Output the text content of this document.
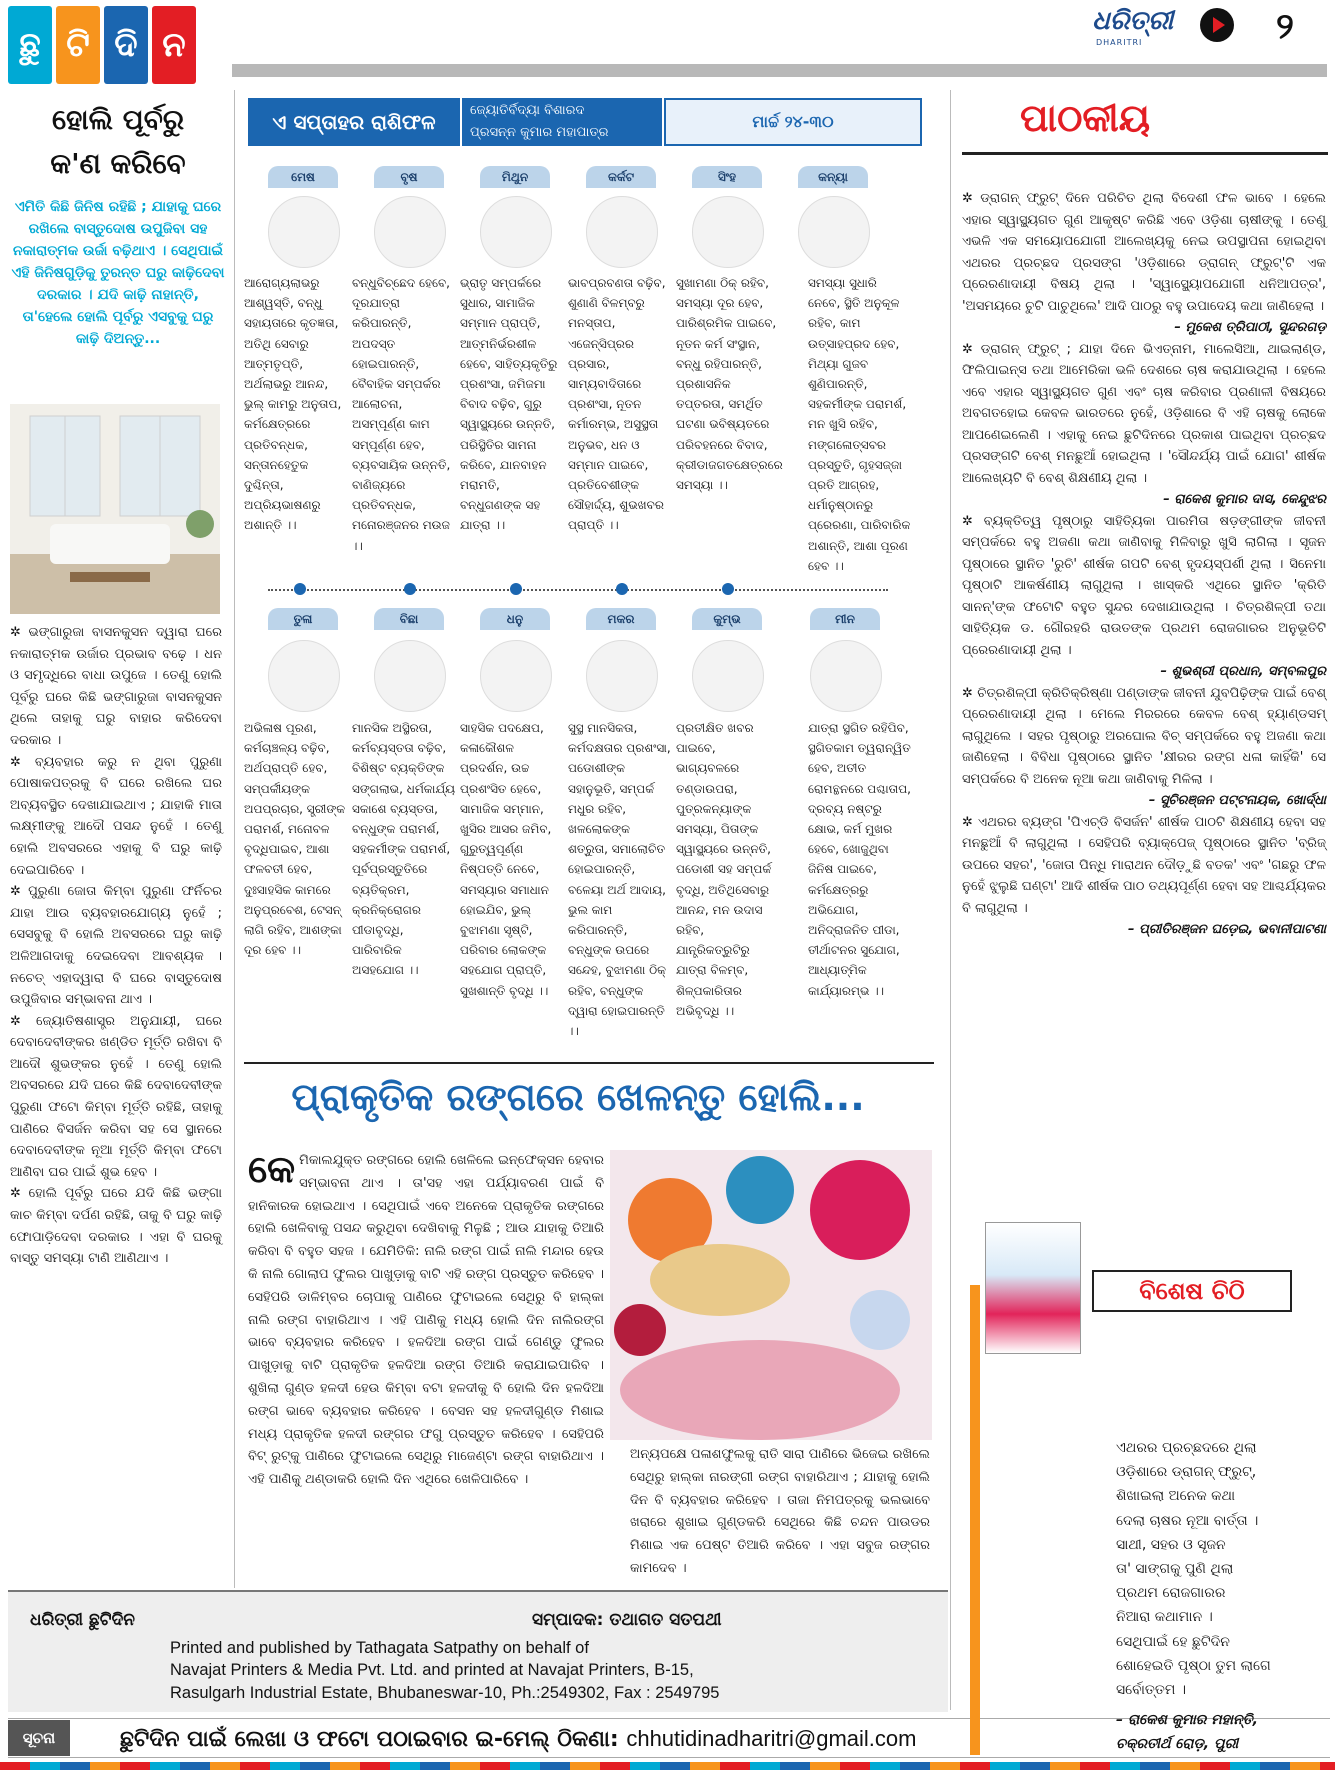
ଛୁ ଟି ଦି ନ
ଧରିତ୍ରୀ
DHARITRI	୨
ହୋଲି ପୂର୍ବରୁ
କ'ଣ କରିବେ
ଏମିତି କିଛି ଜିନିଷ ରହିଛି ; ଯାହାକୁ ଘରେ ରଖିଲେ ବାସ୍ତୁଦୋଷ ଉପୁଜିବା ସହ ନକାରାତ୍ମକ ଉର୍ଜା ବଢ଼ିଥାଏ । ସେଥିପାଇଁ ଏହି ଜିନିଷଗୁଡ଼ିକୁ ତୁରନ୍ତ ଘରୁ କାଢ଼ିଦେବା ଦରକାର । ଯଦି କାଢ଼ି ନାହାନ୍ତି, ତା'ହେଲେ ହୋଲି ପୂର୍ବରୁ ଏସବୁକୁ ଘରୁ କାଢ଼ି ଦିଅନ୍ତୁ...

✲ ଭଙ୍ଗାରୁଜା ବାସନକୁସନ ଦ୍ୱାରା ଘରେ ନକାରାତ୍ମକ ଉର୍ଜାର ପ୍ରଭାବ ବଢ଼େ । ଧନ ଓ ସମୃଦ୍ଧିରେ ବାଧା ଉପୁଜେ । ତେଣୁ ହୋଲି ପୂର୍ବରୁ ଘରେ କିଛି ଭଙ୍ଗାରୁଜା ବାସନକୁସନ ଥିଲେ ତାହାକୁ ଘରୁ ବାହାର କରିଦେବା ଦରକାର ।

✲ ବ୍ୟବହାର କରୁ ନ ଥିବା ପୁରୁଣା ପୋଷାକପତ୍ରକୁ ବି ଘରେ ରଖିଲେ ଘର ଅବ୍ୟବସ୍ଥିତ ଦେଖାଯାଇଥାଏ ; ଯାହାକି ମାତା ଲକ୍ଷ୍ମୀଙ୍କୁ ଆଦୌ ପସନ୍ଦ ନୁହେଁ । ତେଣୁ ହୋଲି ଅବସରରେ ଏହାକୁ ବି ଘରୁ କାଢ଼ି ଦେଇପାରିବେ ।

✲ ପୁରୁଣା ଜୋତା କିମ୍ବା ପୁରୁଣା ଫର୍ନିଚର ଯାହା ଆଉ ବ୍ୟବହାରଯୋଗ୍ୟ ନୁହେଁ ; ସେସବୁକୁ ବି ହୋଲି ଅବସରରେ ଘରୁ କାଢ଼ି ଅଳିଆଗଦାକୁ ଦେଇଦେବା ଆବଶ୍ୟକ । ନଚେତ୍ ଏହାଦ୍ୱାରା ବି ଘରେ ବାସ୍ତୁଦୋଷ ଉପୁଜିବାର ସମ୍ଭାବନା ଥାଏ ।

✲ ଜ୍ୟୋତିଷଶାସ୍ତ୍ର ଅନୁଯାୟୀ, ଘରେ ଦେବାଦେବୀଙ୍କର ଖଣ୍ଡିତ ମୂର୍ତ୍ତି ରଖିବା ବି ଆଦୌ ଶୁଭଙ୍କର ନୁହେଁ । ତେଣୁ ହୋଲି ଅବସରରେ ଯଦି ଘରେ କିଛି ଦେବାଦେବୀଙ୍କ ପୁରୁଣା ଫଟୋ କିମ୍ବା ମୂର୍ତ୍ତି ରହିଛି, ତାହାକୁ ପାଣିରେ ବିସର୍ଜନ କରିବା ସହ ସେ ସ୍ଥାନରେ ଦେବାଦେବୀଙ୍କ ନୂଆ ମୂର୍ତ୍ତି କିମ୍ବା ଫଟୋ ଆଣିବା ଘର ପାଇଁ ଶୁଭ ହେବ ।

✲ ହୋଲି ପୂର୍ବରୁ ଘରେ ଯଦି କିଛି ଭଙ୍ଗା କାଚ କିମ୍ବା ଦର୍ପଣ ରହିଛି, ତାକୁ ବି ଘରୁ କାଢ଼ି ଫୋପାଡ଼ିଦେବା ଦରକାର । ଏହା ବି ଘରକୁ ବାସ୍ତୁ ସମସ୍ୟା ଟାଣି ଆଣିଥାଏ ।

ଏ ସପ୍ତାହର ରାଶିଫଳ	ଜ୍ୟୋତିର୍ବିଦ୍ୟା ବିଶାରଦ
ପ୍ରସନ୍ନ କୁମାର ମହାପାତ୍ର
ମାର୍ଚ୍ଚ ୨୪-୩୦
ମେଷ	ବୃଷ	ମିଥୁନ	କର୍କଟ	ସିଂହ	କନ୍ୟା
ଆରୋଗ୍ୟଲାଭରୁ ଆଶ୍ୱସ୍ତି, ବନ୍ଧୁ ସହାୟତାରେ କୃତଜ୍ଞତା, ଅତିଥି ସେବାରୁ ଆତ୍ମତୃପ୍ତି, ଅର୍ଥଲାଭରୁ ଆନନ୍ଦ, ଭୁଲ୍ କାମରୁ ଅନୁତାପ, କର୍ମକ୍ଷେତ୍ରରେ ପ୍ରତିବନ୍ଧକ, ସନ୍ତାନହେତୁକ ଦୁଶ୍ଚିନ୍ତା, ଅପ୍ରିୟଭାଷଣରୁ ଅଶାନ୍ତି ।।
ବନ୍ଧୁବିଚ୍ଛେଦ ହେବେ, ଦୂରଯାତ୍ରା କରିପାରନ୍ତି, ଅପଦସ୍ତ ହୋଇପାରନ୍ତି, ବୈବାହିକ ସମ୍ପର୍କର ଆଲୋଚନା, ଅସମ୍ପୂର୍ଣ୍ଣ କାମ ସମ୍ପୂର୍ଣ୍ଣ ହେବ, ବ୍ୟବସାୟିକ ଉନ୍ନତି, ବାଣିଜ୍ୟରେ ପ୍ରତିବନ୍ଧକ, ମନୋରଞ୍ଜନର ମଉଜ ।।
ଭ୍ରାତୃ ସମ୍ପର୍କରେ ସୁଧାର, ସାମାଜିକ ସମ୍ମାନ ପ୍ରାପ୍ତି, ଆତ୍ମନିର୍ଭରଶୀଳ ହେବେ, ସାହିତ୍ୟକୃତିରୁ ପ୍ରଶଂସା, ଜମିଜମା ବିବାଦ ବଢ଼ିବ, ଗୁରୁ ସ୍ୱାସ୍ଥ୍ୟରେ ଉନ୍ନତି, ପରିସ୍ଥିତିର ସାମନା କରିବେ, ଯାନବାହନ ମରାମତି, ବନ୍ଧୁଗଣଙ୍କ ସହ ଯାତ୍ରା ।।
ଭାବପ୍ରବଣତା ବଢ଼ିବ, ଶୁଣାଣି ବିଳମ୍ବରୁ ମନସ୍ତାପ, ଏଜେନ୍ସିପ୍ରର ପ୍ରସାର, ସାମ୍ୟବାଦିତାରେ ପ୍ରଶଂସା, ନୂତନ କର୍ମାରମ୍ଭ, ଅସୁସ୍ଥତା ଅନୁଭବ, ଧନ ଓ ସମ୍ମାନ ପାଇବେ, ପ୍ରତିବେଶୀଙ୍କ ସୌହାର୍ଦ୍ଦ୍ୟ, ଶୁଭଖବର ପ୍ରାପ୍ତି ।।
ସୁଖାମଣା ଠିକ୍ ରହିବ, ସମସ୍ୟା ଦୂର ହେବ, ପାରିଶ୍ରମିକ ପାଇବେ, ନୂତନ କର୍ମ ସଂସ୍ଥାନ, ବନ୍ଧୁ ରହିପାରନ୍ତି, ପ୍ରଶାସନିକ ତପ୍ତରତା, ସମର୍ଥିତ ଘଟଣା ଭବିଷ୍ୟତରେ ପରିବହନରେ ବିବାଦ, କ୍ରୀଡାଜଗତକ୍ଷେତ୍ରରେ ସମସ୍ୟା ।।
ସମସ୍ୟା ସୁଧାରି ନେବେ, ସ୍ଥିତି ଅନୁକୂଳ ରହିବ, କାମ ଉତ୍ସାହପ୍ରଦ ହେବ, ମିଥ୍ୟା ଗୁଜବ ଶୁଣିପାରନ୍ତି, ସହକର୍ମୀଙ୍କ ପରାମର୍ଶ, ମନ ଖୁସି ରହିବ, ମଙ୍ଗଳୋତ୍ସବର ପ୍ରସ୍ତୁତି, ଗୃହସଜ୍ଜା ପ୍ରତି ଆଗ୍ରହ, ଧର୍ମାନୁଷ୍ଠାନରୁ ପ୍ରେରଣା, ପାରିବାରିକ ଅଶାନ୍ତି, ଆଶା ପୂରଣ ହେବ ।।
ତୁଳା	ବିଛା	ଧନୁ	ମକର	କୁମ୍ଭ	ମୀନ
ଅଭିଳାଷ ପୂରଣ, କର୍ମଚାଞ୍ଚଳ୍ୟ ବଢ଼ିବ, ଅର୍ଥପ୍ରାପ୍ତି ହେବ, ସମ୍ପର୍କୀୟଙ୍କ ଅପପ୍ରଚାର, ସ୍ତ୍ରୀଙ୍କ ପରାମର୍ଶ, ମନୋବଳ ବୃଦ୍ଧିପାଇବ, ଆଶା ଫଳବତୀ ହେବ, ଦୁଃସାହସିକ କାମରେ ଅନୁପ୍ରବେଶ, ଟେସନ୍ ଲାଗି ରହିବ, ଆଶଙ୍କା ଦୂର ହେବ ।।
ମାନସିକ ଅସ୍ଥିରତା, କର୍ମବ୍ୟସ୍ତତା ବଢ଼ିବ, ବିଶିଷ୍ଟ ବ୍ୟକ୍ତିଙ୍କ ସଙ୍ଗଲାଭ, ଧର୍ମକାର୍ଯ୍ୟ ସକାଶେ ବ୍ୟସ୍ତତା, ବନ୍ଧୁଙ୍କ ପରାମର୍ଶ, ସହକର୍ମୀଙ୍କ ପରାମର୍ଶ, ପୂର୍ବପ୍ରସ୍ତୁତିରେ ବ୍ୟତିକ୍ରମ, କ୍ରନିକ୍‌ରୋଗର ପୀଡାବୃଦ୍ଧି, ପାରିବାରିକ ଅସହଯୋଗ ।।
ସାହସିକ ପଦକ୍ଷେପ, କଳାକୌଶଳ ପ୍ରଦର୍ଶନ, ଉଚ୍ଚ ପ୍ରଶଂସିତ ହେବେ, ସାମାଜିକ ସମ୍ମାନ, ଖୁସିର ଆସର ଜମିବ, ଗୁରୁତ୍ୱପୂର୍ଣ୍ଣ ନିଷ୍ପତ୍ତି ନେବେ, ସମସ୍ୟାର ସମାଧାନ ହୋଇଯିବ, ଭୁଲ୍ ବୁଝାମଣା ସୃଷ୍ଟି, ପରିବାର ଲୋକଙ୍କ ସହଯୋଗ ପ୍ରାପ୍ତି, ସୁଖଶାନ୍ତି ବୃଦ୍ଧି ।।
ସୁସ୍ଥ ମାନସିକତା, କର୍ମଦକ୍ଷତାର ପ୍ରଶଂସା, ପଡୋଶୀଙ୍କ ସହାନୁଭୂତି, ସମ୍ପର୍କ ମଧୁର ରହିବ, ଖଳଲୋକଙ୍କ ଶତ୍ରୁତା, ସମାଲୋଚିତ ହୋଇପାରନ୍ତି, ବଳେୟା ଅର୍ଥ ଆଦାୟ, ଭୁଲ କାମ କରିପାରନ୍ତି, ବନ୍ଧୁଙ୍କ ଉପରେ ସନ୍ଦେହ, ବୁଝାମଣା ଠିକ୍ ରହିବ, ବନ୍ଧୁଙ୍କ ଦ୍ୱାରା ହୋଇପାରନ୍ତି ।।
ପ୍ରତୀକ୍ଷିତ ଖବର ପାଇବେ, ଭାଗ୍ୟବଳରେ ତଣ୍ଡାଉପରା, ପୁତ୍ରକନ୍ୟାଙ୍କ ସମସ୍ୟା, ପିତାଙ୍କ ସ୍ୱାସ୍ଥ୍ୟରେ ଉନ୍ନତି, ପଡୋଶୀ ସହ ସମ୍ପର୍କ ବୃଦ୍ଧି, ଅତିଥିସେବାରୁ ଆନନ୍ଦ, ମନ ଉଦାସ ରହିବ, ଯାନ୍ତ୍ରିକତ୍ରୁଟିରୁ ଯାତ୍ରା ବିଳମ୍ବ, ଶିଳ୍ପକାରିତାର ଅଭିବୃଦ୍ଧି ।।
ଯାତ୍ରା ସ୍ଥଗିତ ରହିପିବ, ସ୍ଥଗିତକାମ ତ୍ୱରାନ୍ୱିତ ହେବ, ଅତୀତ ରୋମନ୍ଥନରେ ପଶ୍ଚାତାପ, ଦ୍ରବ୍ୟ ନଷ୍ଟରୁ କ୍ଷୋଭ, କର୍ମ ମୁଖର ହେବେ, ଖୋଜୁଥିବା ଜିନିଷ ପାଇବେ, କର୍ମକ୍ଷେତ୍ରରୁ ଅଭିଯୋଗ, ଅନିଦ୍ରାଜନିତ ପୀଡା, ତୀର୍ଥାଟନର ସୁଯୋଗ, ଆଧ୍ୟାତ୍ମିକ କାର୍ଯ୍ୟାରମ୍ଭ ।।
ପ୍ରାକୃତିକ ରଙ୍ଗରେ ଖେଳନ୍ତୁ ହୋଲି...
କେମିକାଲଯୁକ୍ତ ରଙ୍ଗରେ ହୋଲି ଖେଳିଲେ ଇନ୍‌ଫେକ୍ସନ ହେବାର ସମ୍ଭାବନା ଥାଏ । ତା'ସହ ଏହା ପର୍ଯ୍ୟାବରଣ ପାଇଁ ବି ହାନିକାରକ ହୋଇଥାଏ । ସେଥିପାଇଁ ଏବେ ଅନେକେ ପ୍ରାକୃତିକ ରଙ୍ଗରେ ହୋଲି ଖେଳିବାକୁ ପସନ୍ଦ କରୁଥିବା ଦେଖିବାକୁ ମିଳୁଛି ; ଆଉ ଯାହାକୁ ତିଆରି କରିବା ବି ବହୁତ ସହଜ । ଯେମିତିକି: ନାଲି ରଙ୍ଗ ପାଇଁ ନାଲି ମନ୍ଦାର ହେଉ କି ନାଲି ଗୋଲାପ ଫୁଲର ପାଖୁଡ଼ାକୁ ବାଟି ଏହି ରଙ୍ଗ ପ୍ରସ୍ତୁତ କରିହେବ । ସେହିପରି ଡାଳିମ୍ବର ଚୋପାକୁ ପାଣିରେ ଫୁଟାଇଲେ ସେଥିରୁ ବି ହାଲ୍‌କା ନାଲି ରଙ୍ଗ ବାହାରିଥାଏ । ଏହି ପାଣିକୁ ମଧ୍ୟ ହୋଲି ଦିନ ନାଲିରଙ୍ଗ ଭାବେ ବ୍ୟବହାର କରିହେବ । ହଳଦିଆ ରଙ୍ଗ ପାଇଁ ଗେଣ୍ଡୁ ଫୁଲର ପାଖୁଡ଼ାକୁ ବାଟି ପ୍ରାକୃତିକ ହଳଦିଆ ରଙ୍ଗ ତିଆରି କରାଯାଇପାରିବ । ଶୁଖିଲା ଗୁଣ୍ଡ ହଳଦୀ ହେଉ କିମ୍ବା ବଟା ହଳଦୀକୁ ବି ହୋଲି ଦିନ ହଳଦିଆ ରଙ୍ଗ ଭାବେ ବ୍ୟବହାର କରିହେବ । ବେସନ ସହ ହଳଦୀଗୁଣ୍ଡ ମିଶାଇ ମଧ୍ୟ ପ୍ରାକୃତିକ ହଳଦୀ ରଙ୍ଗର ଫଗୁ ପ୍ରସ୍ତୁତ କରିହେବ । ସେହିପରି ବିଟ୍ ରୁଟ୍‌କୁ ପାଣିରେ ଫୁଟାଇଲେ ସେଥିରୁ ମାଜେଣ୍ଟା ରଙ୍ଗ ବାହାରିଥାଏ । ଏହି ପାଣିକୁ ଥଣ୍ଡାକରି ହୋଲି ଦିନ ଏଥିରେ ଖେଳିପାରିବେ ।
ଅନ୍ୟପକ୍ଷେ ପଳାଶଫୁଲକୁ ରାତି ସାରା ପାଣିରେ ଭିଜେଇ ରଖିଲେ ସେଥିରୁ ହାଲ୍‌କା ନାରଙ୍ଗୀ ରଙ୍ଗ ବାହାରିଥାଏ ; ଯାହାକୁ ହୋଲି ଦିନ ବି ବ୍ୟବହାର କରିହେବ । ତାଜା ନିମପତ୍ରକୁ ଭଲଭାବେ ଖରାରେ ଶୁଖାଇ ଗୁଣ୍ଡକରି ସେଥିରେ କିଛି ଚନ୍ଦନ ପାଉଡର ମିଶାଇ ଏକ ପେଷ୍ଟ ତିଆରି କରିବେ । ଏହା ସବୁଜ ରଙ୍ଗର କାମଦେବ ।
ଧରିତ୍ରୀ ଛୁଟିଦିନ	ସମ୍ପାଦକ: ତଥାଗତ ସତପଥୀ
Printed and published by Tathagata Satpathy on behalf of
Navajat Printers & Media Pvt. Ltd. and printed at Navajat Printers, B-15,
Rasulgarh Industrial Estate, Bhubaneswar-10, Ph.:2549302, Fax : 2549795
ସୂଚନା	ଛୁଟିଦିନ ପାଇଁ ଲେଖା ଓ ଫଟୋ ପଠାଇବାର ଇ-ମେଲ୍ ଠିକଣା: chhutidinadharitri@gmail.com
ପାଠକୀୟ

✲ ଡ୍ରାଗନ୍ ଫ୍ରୁଟ୍ ଦିନେ ପରିଚିତ ଥିଲା ବିଦେଶୀ ଫଳ ଭାବେ । ହେଲେ ଏହାର ସ୍ୱାସ୍ଥ୍ୟଗତ ଗୁଣ ଆକୃଷ୍ଟ କରିଛି ଏବେ ଓଡ଼ିଶା ଚାଷୀଙ୍କୁ । ତେଣୁ ଏଭଳି ଏକ ସମୟୋପଯୋଗୀ ଆଲେଖ୍ୟକୁ ନେଇ ଉପସ୍ଥାପନା ହୋଇଥିବା ଏଥରର ପ୍ରଚ୍ଛଦ ପ୍ରସଙ୍ଗ 'ଓଡ଼ିଶାରେ ଡ୍ରାଗନ୍ ଫ୍ରୁଟ୍'ଟି ଏକ ପ୍ରେରଣାଦାୟୀ ବିଷୟ ଥିଲା । 'ସ୍ୱାସ୍ଥ୍ୟୋପଯୋଗୀ ଧନିଆପତ୍ର', 'ଅସମୟରେ ଚୁଟି ପାଚୁଥିଲେ' ଆଦି ପାଠରୁ ବହୁ ଉପାଦେୟ କଥା ଜାଣିହେଲା ।

– ମୁକେଶ ତ୍ରିପାଠୀ, ସୁନ୍ଦରଗଡ଼

✲ ଡ୍ରାଗନ୍ ଫ୍ରୁଟ୍ ; ଯାହା ଦିନେ ଭିଏତ୍‌ନାମ, ମାଲେସିଆ, ଥାଇଲାଣ୍ଡ, ଫିଲିପାଇନ୍ସ ତଥା ଆମେରିକା ଭଳି ଦେଶରେ ଚାଷ କରାଯାଉଥିଲା । ହେଲେ ଏବେ ଏହାର ସ୍ୱାସ୍ଥ୍ୟଗତ ଗୁଣ ଏବଂ ଚାଷ କରିବାର ପ୍ରଣାଳୀ ବିଷୟରେ ଅବଗତହୋଇ କେବଳ ଭାରତରେ ନୁହେଁ, ଓଡ଼ିଶାରେ ବି ଏହି ଚାଷକୁ ଲୋକେ ଆପଣେଇଲେଣି । ଏହାକୁ ନେଇ ଛୁଟିଦିନରେ ପ୍ରକାଶ ପାଇଥିବା ପ୍ରଚ୍ଛଦ ପ୍ରସଙ୍ଗଟି ବେଶ୍ ମନଛୁଆଁ ହୋଇଥିଲା । 'ସୌନ୍ଦର୍ଯ୍ୟ ପାଇଁ ଯୋଗ' ଶୀର୍ଷକ ଆଲେଖ୍ୟଟି ବି ବେଶ୍ ଶିକ୍ଷଣୀୟ ଥିଲା ।

– ରାକେଶ କୁମାର ଦାସ, କେନ୍ଦୁଝର

✲ ବ୍ୟକ୍ତିତ୍ୱ ପୃଷ୍ଠାରୁ ସାହିତ୍ୟିକା ପାରମିତା ଷଡ଼ଙ୍ଗୀଙ୍କ ଜୀବନୀ ସମ୍ପର୍କରେ ବହୁ ଅଜଣା କଥା ଜାଣିବାକୁ ମିଳିବାରୁ ଖୁସି ଲାଗିଲା । ସୃଜନ ପୃଷ୍ଠାରେ ସ୍ଥାନିତ 'ରୁଚି' ଶୀର୍ଷକ ଗପଟି ବେଶ୍ ହୃଦୟସ୍ପର୍ଶୀ ଥିଲା । ସିନେମା ପୃଷ୍ଠାଟି ଆକର୍ଷଣୀୟ ଲାଗୁଥିଲା । ଖାସ୍‌କରି ଏଥିରେ ସ୍ଥାନିତ 'କ୍ରିତି ସାନନ୍'ଙ୍କ ଫଟୋଟି ବହୁତ ସୁନ୍ଦର ଦେଖାଯାଉଥିଲା । ଚିତ୍ରଶିଳ୍ପୀ ତଥା ସାହିତ୍ୟିକ ଡ. ଗୌରହରି ରାଉତଙ୍କ ପ୍ରଥମ ରୋଜଗାରର ଅନୁଭୂତିଟି ପ୍ରେରଣାଦାୟୀ ଥିଲା ।

– ଶୁଭଶ୍ରୀ ପ୍ରଧାନ, ସମ୍ବଲପୁର

✲ ଚିତ୍ରଶିଳ୍ପୀ କ୍ରିତିକ୍ରିଷ୍ଣା ପଣ୍ଡାଙ୍କ ଜୀବନୀ ଯୁବପିଢ଼ିଙ୍କ ପାଇଁ ବେଶ୍ ପ୍ରେରଣାଦାୟୀ ଥିଲା । ମେଲେ ମିରରରେ କେବଳ ବେଶ୍ ହ୍ୟାଣ୍ଡସମ୍ ଲାଗୁଥିଲେ । ସହର ପୃଷ୍ଠାରୁ ଅରଘୋଲ ବିଚ୍ ସମ୍ପର୍କରେ ବହୁ ଅଜଣା କଥା ଜାଣିହେଲା । ବିବିଧା ପୃଷ୍ଠାରେ ସ୍ଥାନିତ 'କ୍ଷୀରର ରଙ୍ଗ ଧଳା କାହିଁକି' ସେ ସମ୍ପର୍କରେ ବି ଅନେକ ନୂଆ କଥା ଜାଣିବାକୁ ମିଳିଲା ।

– ସୁଚିରଞ୍ଜନ ପଟ୍ଟନାୟକ, ଖୋର୍ଦ୍ଧା

✲ ଏଥରର ବ୍ୟଙ୍ଗ 'ପିଏଚ୍‌ଡି ବିସର୍ଜନ' ଶୀର୍ଷକ ପାଠଟି ଶିକ୍ଷଣୀୟ ହେବା ସହ ମନଛୁଆଁ ବି ଲାଗୁଥିଲା । ସେହିପରି ବ୍ୟାକ୍‌ପେଜ୍ ପୃଷ୍ଠାରେ ସ୍ଥାନିତ 'ବ୍ରିଜ୍ ଉପରେ ସହର', 'ଜୋତା ପିନ୍ଧି ମାରାଥନ ଦୌଡ଼ୁଛି ବତକ' ଏବଂ 'ଗଛରୁ ଫଳ ନୁହେଁ ଝୁଲୁଛି ଘଣ୍ଟା' ଆଦି ଶୀର୍ଷକ ପାଠ ତଥ୍ୟପୂର୍ଣ୍ଣ ହେବା ସହ ଆଶ୍ଚର୍ଯ୍ୟକର ବି ଲାଗୁଥିଲା ।

– ପ୍ରୀତିରଞ୍ଜନ ଘଡ଼େଇ, ଭବାନୀପାଟଣା

ବିଶେଷ ଚିଠି
ଏଥରର ପ୍ରଚ୍ଛଦରେ ଥିଲା
ଓଡ଼ିଶାରେ ଡ୍ରାଗନ୍ ଫ୍ରୁଟ୍,
ଶିଖାଇଲା ଅନେକ କଥା
ଦେଲା ଚାଷର ନୂଆ ବାର୍ତ୍ତା ।
ସାଥୀ, ସହର ଓ ସୃଜନ
ତା' ସାଙ୍ଗକୁ ପୁଣି ଥିଲା
ପ୍ରଥମ ରୋଜଗାରର
ନିଆରା କଥାମାନ ।
ସେଥିପାଇଁ ହେ ଛୁଟିଦିନ
ଶୋହେଇତି ପୃଷ୍ଠା ତୁମ ଲାଗେ
ସର୍ବୋତ୍ତମ ।
– ରାକେଶ କୁମାର ମହାନ୍ତି,
ଚକ୍ରତୀର୍ଥ ରୋଡ଼, ପୁରୀ
